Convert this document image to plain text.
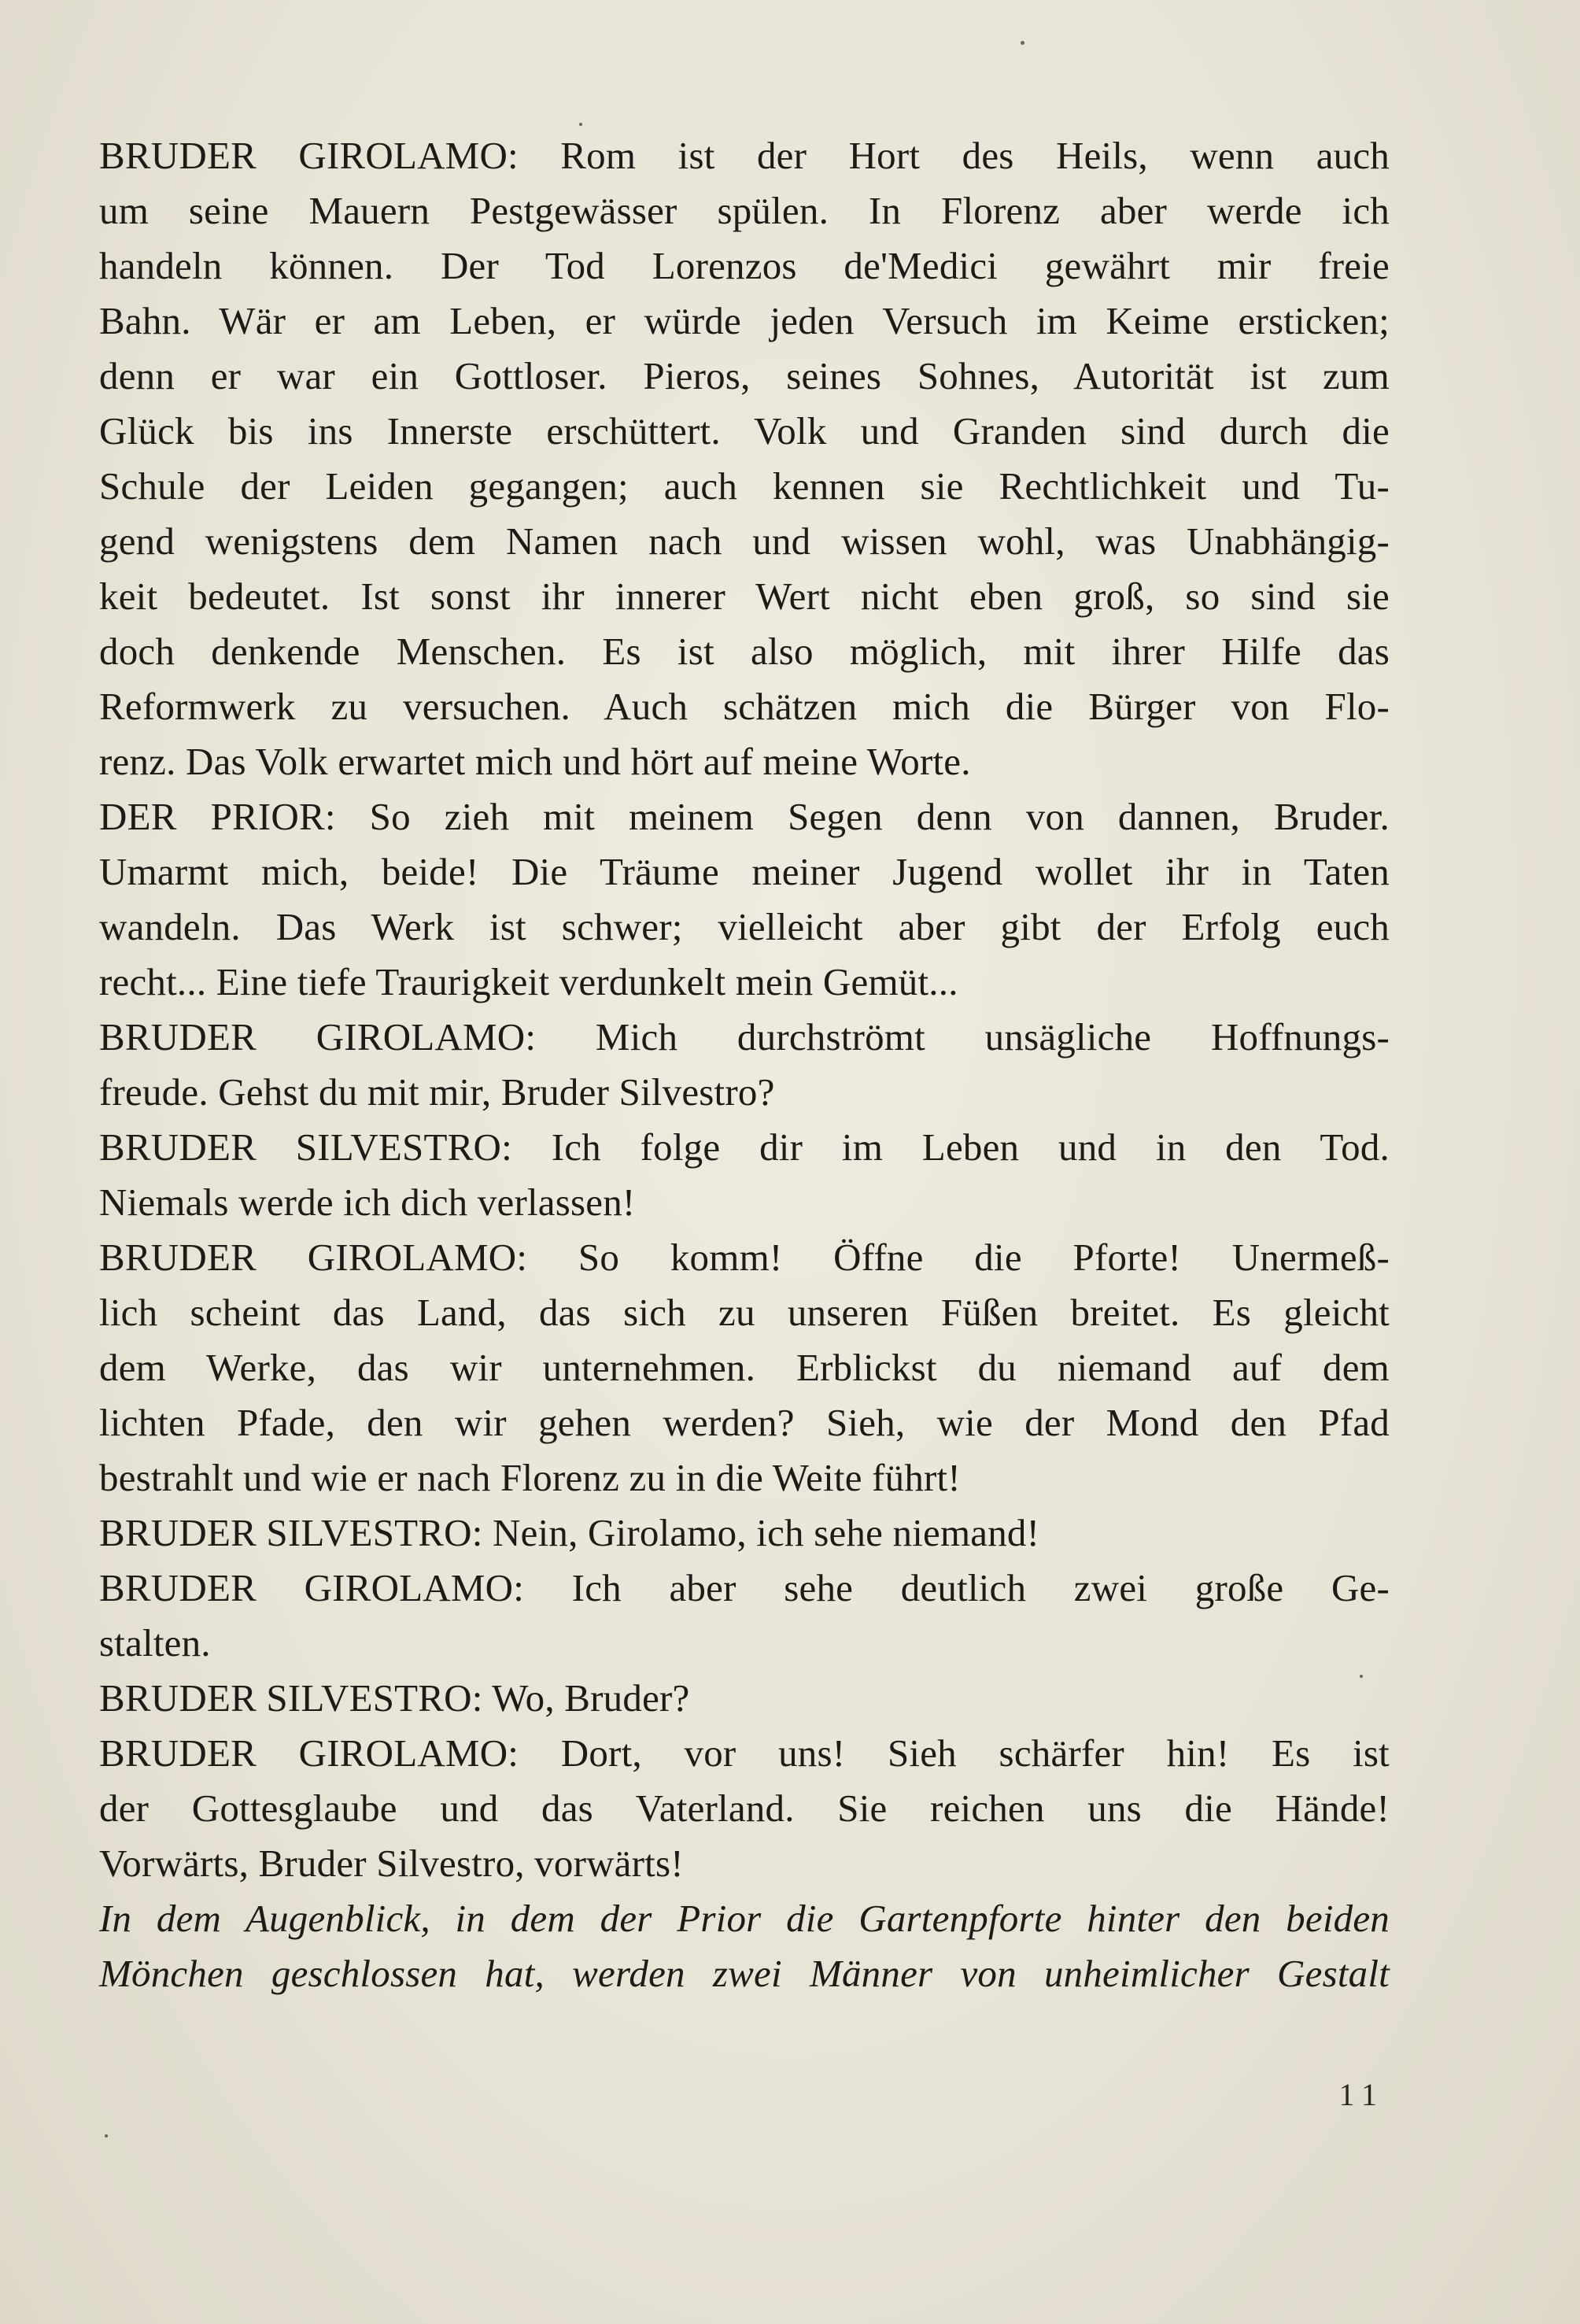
BRUDER GIROLAMO: Rom ist der Hort des Heils, wenn auch
um seine Mauern Pestgewässer spülen. In Florenz aber werde ich
handeln können. Der Tod Lorenzos de'Medici gewährt mir freie
Bahn. Wär er am Leben, er würde jeden Versuch im Keime ersticken;
denn er war ein Gottloser. Pieros, seines Sohnes, Autorität ist zum
Glück bis ins Innerste erschüttert. Volk und Granden sind durch die
Schule der Leiden gegangen; auch kennen sie Rechtlichkeit und Tu-
gend wenigstens dem Namen nach und wissen wohl, was Unabhängig-
keit bedeutet. Ist sonst ihr innerer Wert nicht eben groß, so sind sie
doch denkende Menschen. Es ist also möglich, mit ihrer Hilfe das
Reformwerk zu versuchen. Auch schätzen mich die Bürger von Flo-
renz. Das Volk erwartet mich und hört auf meine Worte.
DER PRIOR: So zieh mit meinem Segen denn von dannen, Bruder.
Umarmt mich, beide! Die Träume meiner Jugend wollet ihr in Taten
wandeln. Das Werk ist schwer; vielleicht aber gibt der Erfolg euch
recht... Eine tiefe Traurigkeit verdunkelt mein Gemüt...
BRUDER GIROLAMO: Mich durchströmt unsägliche Hoffnungs-
freude. Gehst du mit mir, Bruder Silvestro?
BRUDER SILVESTRO: Ich folge dir im Leben und in den Tod.
Niemals werde ich dich verlassen!
BRUDER GIROLAMO: So komm! Öffne die Pforte! Unermeß-
lich scheint das Land, das sich zu unseren Füßen breitet. Es gleicht
dem Werke, das wir unternehmen. Erblickst du niemand auf dem
lichten Pfade, den wir gehen werden? Sieh, wie der Mond den Pfad
bestrahlt und wie er nach Florenz zu in die Weite führt!
BRUDER SILVESTRO: Nein, Girolamo, ich sehe niemand!
BRUDER GIROLAMO: Ich aber sehe deutlich zwei große Ge-
stalten.
BRUDER SILVESTRO: Wo, Bruder?
BRUDER GIROLAMO: Dort, vor uns! Sieh schärfer hin! Es ist
der Gottesglaube und das Vaterland. Sie reichen uns die Hände!
Vorwärts, Bruder Silvestro, vorwärts!
In dem Augenblick, in dem der Prior die Gartenpforte hinter den beiden
Mönchen geschlossen hat, werden zwei Männer von unheimlicher Gestalt
11
